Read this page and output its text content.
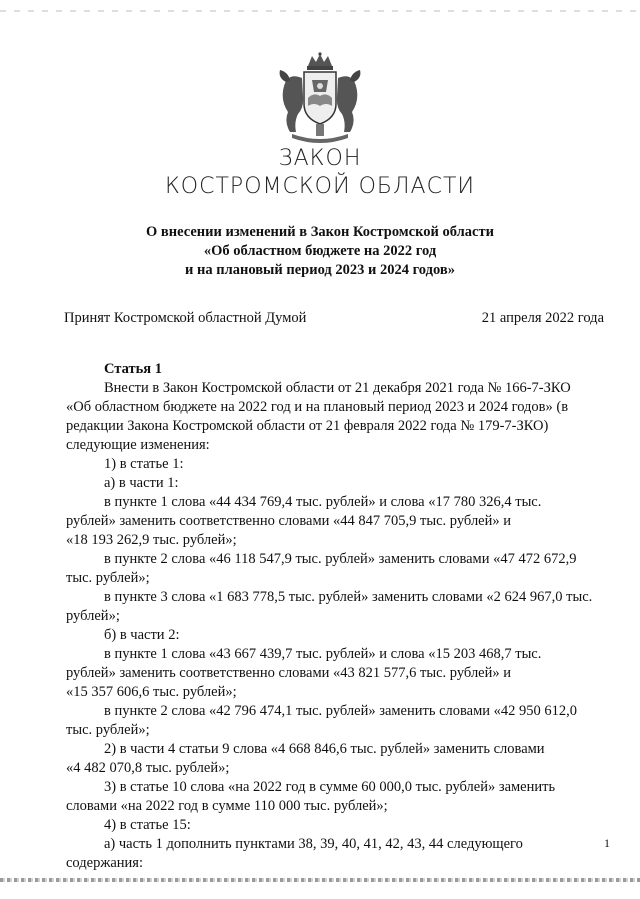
ЗАКОН
КОСТРОМСКОЙ ОБЛАСТИ
О внесении изменений в Закон Костромской области
«Об областном бюджете на 2022 год
и на плановый период 2023 и 2024 годов»
Принят Костромской областной Думой	21 апреля 2022 года

Статья 1

Внести в Закон Костромской области от 21 декабря 2021 года № 166-7-ЗКО

«Об областном бюджете на 2022 год и на плановый период 2023 и 2024 годов» (в

редакции Закона Костромской области от 21 февраля 2022 года № 179-7-ЗКО)

следующие изменения:

1) в статье 1:

а) в части 1:

в пункте 1 слова «44 434 769,4 тыс. рублей» и слова «17 780 326,4 тыс.

рублей» заменить соответственно словами «44 847 705,9 тыс. рублей» и

«18 193 262,9 тыс. рублей»;

в пункте 2 слова «46 118 547,9 тыс. рублей» заменить словами «47 472 672,9

тыс. рублей»;

в пункте 3 слова «1 683 778,5 тыс. рублей» заменить словами «2 624 967,0 тыс.

рублей»;

б) в части 2:

в пункте 1 слова «43 667 439,7 тыс. рублей» и слова «15 203 468,7 тыс.

рублей» заменить соответственно словами «43 821 577,6 тыс. рублей» и

«15 357 606,6 тыс. рублей»;

в пункте 2 слова «42 796 474,1 тыс. рублей» заменить словами «42 950 612,0

тыс. рублей»;

2) в части 4 статьи 9 слова «4 668 846,6 тыс. рублей» заменить словами

«4 482 070,8 тыс. рублей»;

3) в статье 10 слова «на 2022 год в сумме 60 000,0 тыс. рублей» заменить

словами «на 2022 год в сумме 110 000 тыс. рублей»;

4) в статье 15:

а) часть 1 дополнить пунктами 38, 39, 40, 41, 42, 43, 44 следующего

содержания:

1
